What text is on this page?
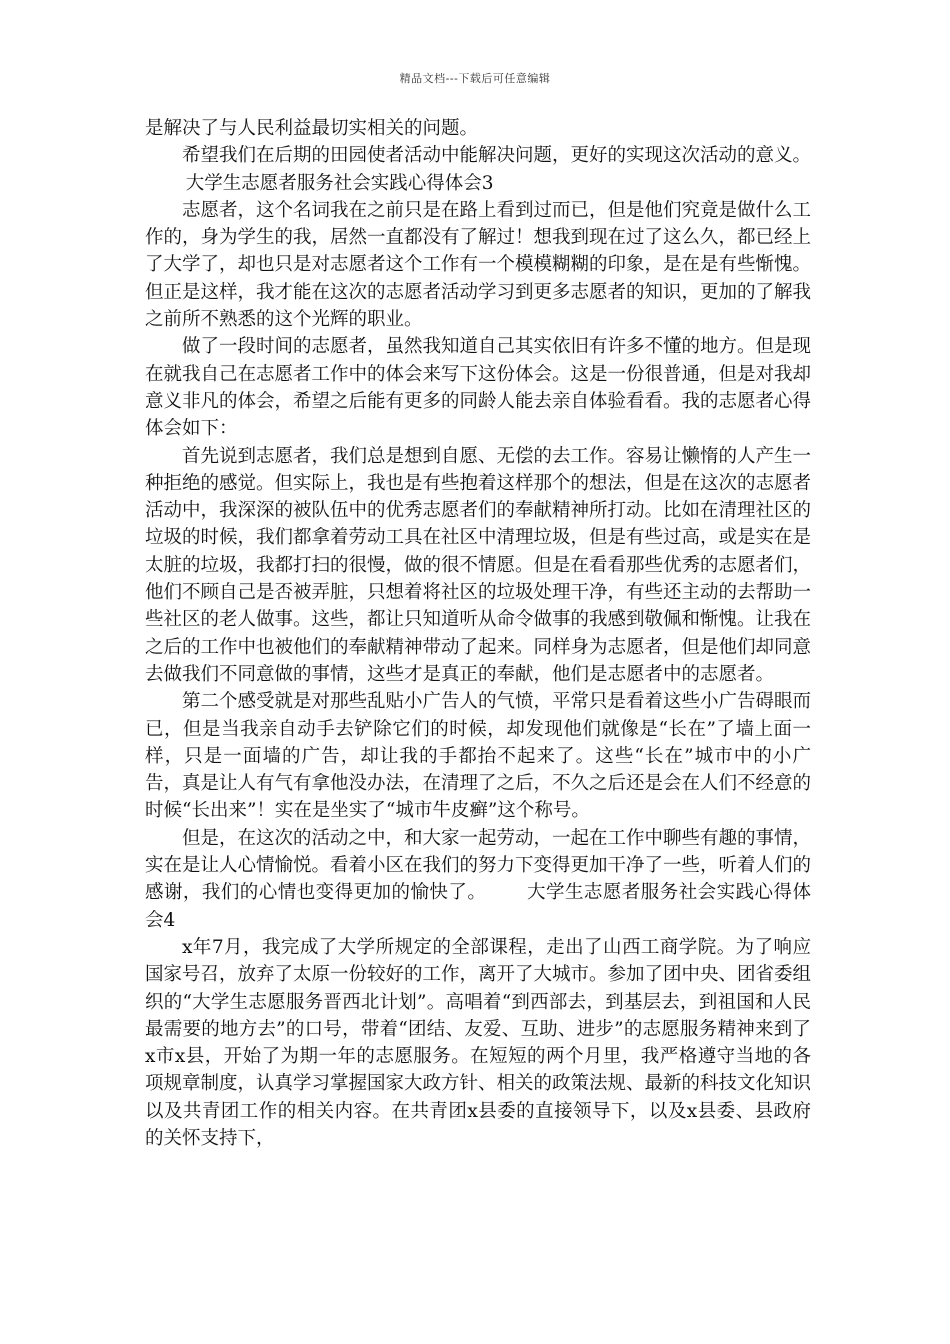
精品文档---下载后可任意编辑

是解决了与人民利益最切实相关的问题。

希望我们在后期的田园使者活动中能解决问题，更好的实现这次活动的意义。大学生志愿者服务社会实践心得体会3

志愿者，这个名词我在之前只是在路上看到过而已，但是他们究竟是做什么工作的，身为学生的我，居然一直都没有了解过！想我到现在过了这么久，都已经上了大学了，却也只是对志愿者这个工作有一个模模糊糊的印象，是在是有些惭愧。但正是这样，我才能在这次的志愿者活动学习到更多志愿者的知识，更加的了解我之前所不熟悉的这个光辉的职业。

做了一段时间的志愿者，虽然我知道自己其实依旧有许多不懂的地方。但是现在就我自己在志愿者工作中的体会来写下这份体会。这是一份很普通，但是对我却意义非凡的体会，希望之后能有更多的同龄人能去亲自体验看看。我的志愿者心得体会如下：

首先说到志愿者，我们总是想到自愿、无偿的去工作。容易让懒惰的人产生一种拒绝的感觉。但实际上，我也是有些抱着这样那个的想法，但是在这次的志愿者活动中，我深深的被队伍中的优秀志愿者们的奉献精神所打动。比如在清理社区的垃圾的时候，我们都拿着劳动工具在社区中清理垃圾，但是有些过高，或是实在是太脏的垃圾，我都打扫的很慢，做的很不情愿。但是在看看那些优秀的志愿者们，他们不顾自己是否被弄脏，只想着将社区的垃圾处理干净，有些还主动的去帮助一些社区的老人做事。这些，都让只知道听从命令做事的我感到敬佩和惭愧。让我在之后的工作中也被他们的奉献精神带动了起来。同样身为志愿者，但是他们却同意去做我们不同意做的事情，这些才是真正的奉献，他们是志愿者中的志愿者。

第二个感受就是对那些乱贴小广告人的气愤，平常只是看着这些小广告碍眼而已，但是当我亲自动手去铲除它们的时候，却发现他们就像是“长在”了墙上面一样，只是一面墙的广告，却让我的手都抬不起来了。这些“长在”城市中的小广告，真是让人有气有拿他没办法，在清理了之后，不久之后还是会在人们不经意的时候“长出来”！实在是坐实了“城市牛皮癣”这个称号。

但是，在这次的活动之中，和大家一起劳动，一起在工作中聊些有趣的事情，实在是让人心情愉悦。看着小区在我们的努力下变得更加干净了一些，听着人们的感谢，我们的心情也变得更加的愉快了。 大学生志愿者服务社会实践心得体会4

x年7月，我完成了大学所规定的全部课程，走出了山西工商学院。为了响应国家号召，放弃了太原一份较好的工作，离开了大城市。参加了团中央、团省委组织的“大学生志愿服务晋西北计划”。高唱着“到西部去，到基层去，到祖国和人民最需要的地方去”的口号，带着“团结、友爱、互助、进步”的志愿服务精神来到了x市x县，开始了为期一年的志愿服务。在短短的两个月里，我严格遵守当地的各项规章制度，认真学习掌握国家大政方针、相关的政策法规、最新的科技文化知识以及共青团工作的相关内容。在共青团x县委的直接领导下，以及x县委、县政府的关怀支持下，
